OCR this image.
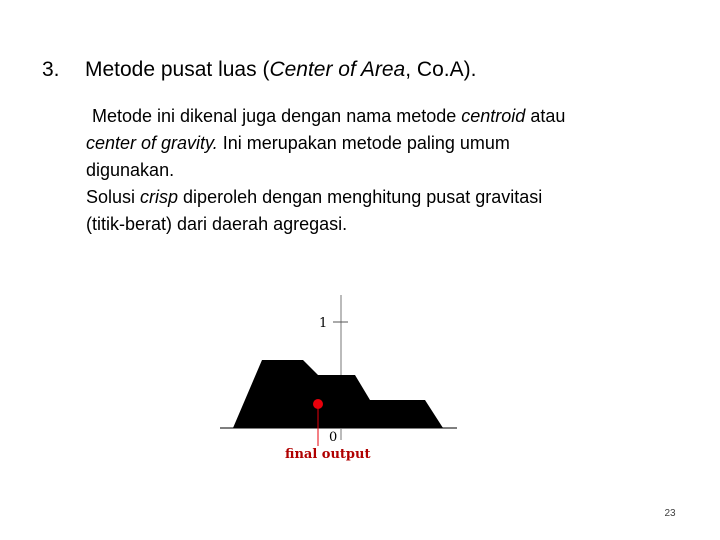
3. Metode pusat luas (Center of Area, Co.A).
Metode ini dikenal juga dengan nama metode centroid atau
center of gravity. Ini merupakan metode paling umum
digunakan.
Solusi crisp diperoleh dengan menghitung pusat gravitasi
(titik-berat) dari daerah agregasi.
1
0
final output
23
